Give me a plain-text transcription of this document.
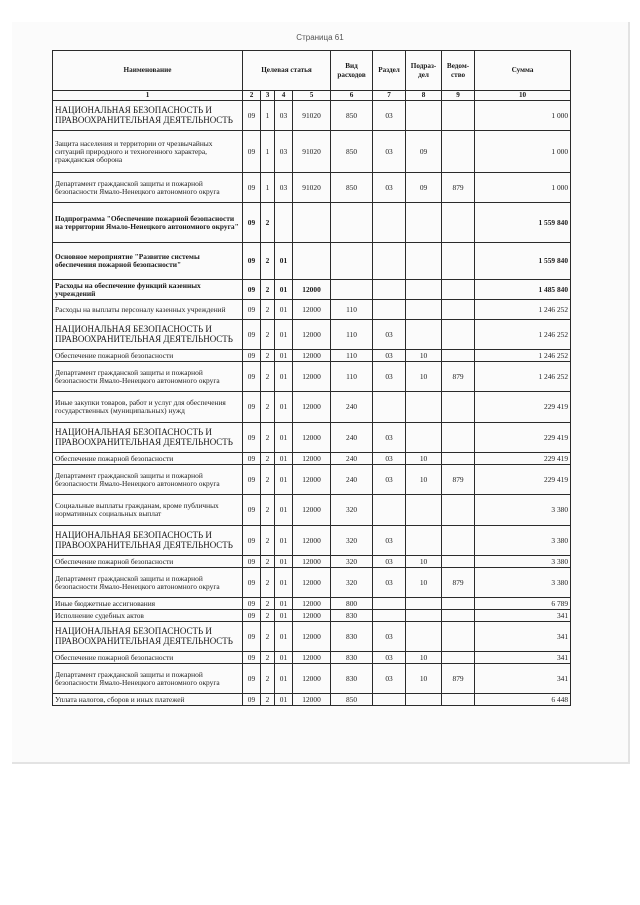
Страница 61
Наименование	Целевая статья				Вид расходов	Раздел	Подраз-дел	Ведом-ство	Сумма
1	2	3	4	5	6	7	8	9	10
НАЦИОНАЛЬНАЯ БЕЗОПАСНОСТЬ И ПРАВООХРАНИТЕЛЬНАЯ ДЕЯТЕЛЬНОСТЬ	09	1	03	91020	850	03			1 000
Защита населения и территории от чрезвычайных ситуаций природного и техногенного характера, гражданская оборона	09	1	03	91020	850	03	09		1 000
Департамент гражданской защиты и пожарной безопасности Ямало-Ненецкого автономного округа	09	1	03	91020	850	03	09	879	1 000
Подпрограмма "Обеспечение пожарной безопасности на территории Ямало-Ненецкого автономного округа"	09	2							1 559 840
Основное мероприятие "Развитие системы обеспечения пожарной безопасности"	09	2	01						1 559 840
Расходы на обеспечение функций казенных учреждений	09	2	01	12000					1 485 840
Расходы на выплаты персоналу казенных учреждений	09	2	01	12000	110				1 246 252
НАЦИОНАЛЬНАЯ БЕЗОПАСНОСТЬ И ПРАВООХРАНИТЕЛЬНАЯ ДЕЯТЕЛЬНОСТЬ	09	2	01	12000	110	03			1 246 252
Обеспечение пожарной безопасности	09	2	01	12000	110	03	10		1 246 252
Департамент гражданской защиты и пожарной безопасности Ямало-Ненецкого автономного округа	09	2	01	12000	110	03	10	879	1 246 252
Иные закупки товаров, работ и услуг для обеспечения государственных (муниципальных) нужд	09	2	01	12000	240				229 419
НАЦИОНАЛЬНАЯ БЕЗОПАСНОСТЬ И ПРАВООХРАНИТЕЛЬНАЯ ДЕЯТЕЛЬНОСТЬ	09	2	01	12000	240	03			229 419
Обеспечение пожарной безопасности	09	2	01	12000	240	03	10		229 419
Департамент гражданской защиты и пожарной безопасности Ямало-Ненецкого автономного округа	09	2	01	12000	240	03	10	879	229 419
Социальные выплаты гражданам, кроме публичных нормативных социальных выплат	09	2	01	12000	320				3 380
НАЦИОНАЛЬНАЯ БЕЗОПАСНОСТЬ И ПРАВООХРАНИТЕЛЬНАЯ ДЕЯТЕЛЬНОСТЬ	09	2	01	12000	320	03			3 380
Обеспечение пожарной безопасности	09	2	01	12000	320	03	10		3 380
Департамент гражданской защиты и пожарной безопасности Ямало-Ненецкого автономного округа	09	2	01	12000	320	03	10	879	3 380
Иные бюджетные ассигнования	09	2	01	12000	800				6 789
Исполнение судебных актов	09	2	01	12000	830				341
НАЦИОНАЛЬНАЯ БЕЗОПАСНОСТЬ И ПРАВООХРАНИТЕЛЬНАЯ ДЕЯТЕЛЬНОСТЬ	09	2	01	12000	830	03			341
Обеспечение пожарной безопасности	09	2	01	12000	830	03	10		341
Департамент гражданской защиты и пожарной безопасности Ямало-Ненецкого автономного округа	09	2	01	12000	830	03	10	879	341
Уплата налогов, сборов и иных платежей	09	2	01	12000	850				6 448
